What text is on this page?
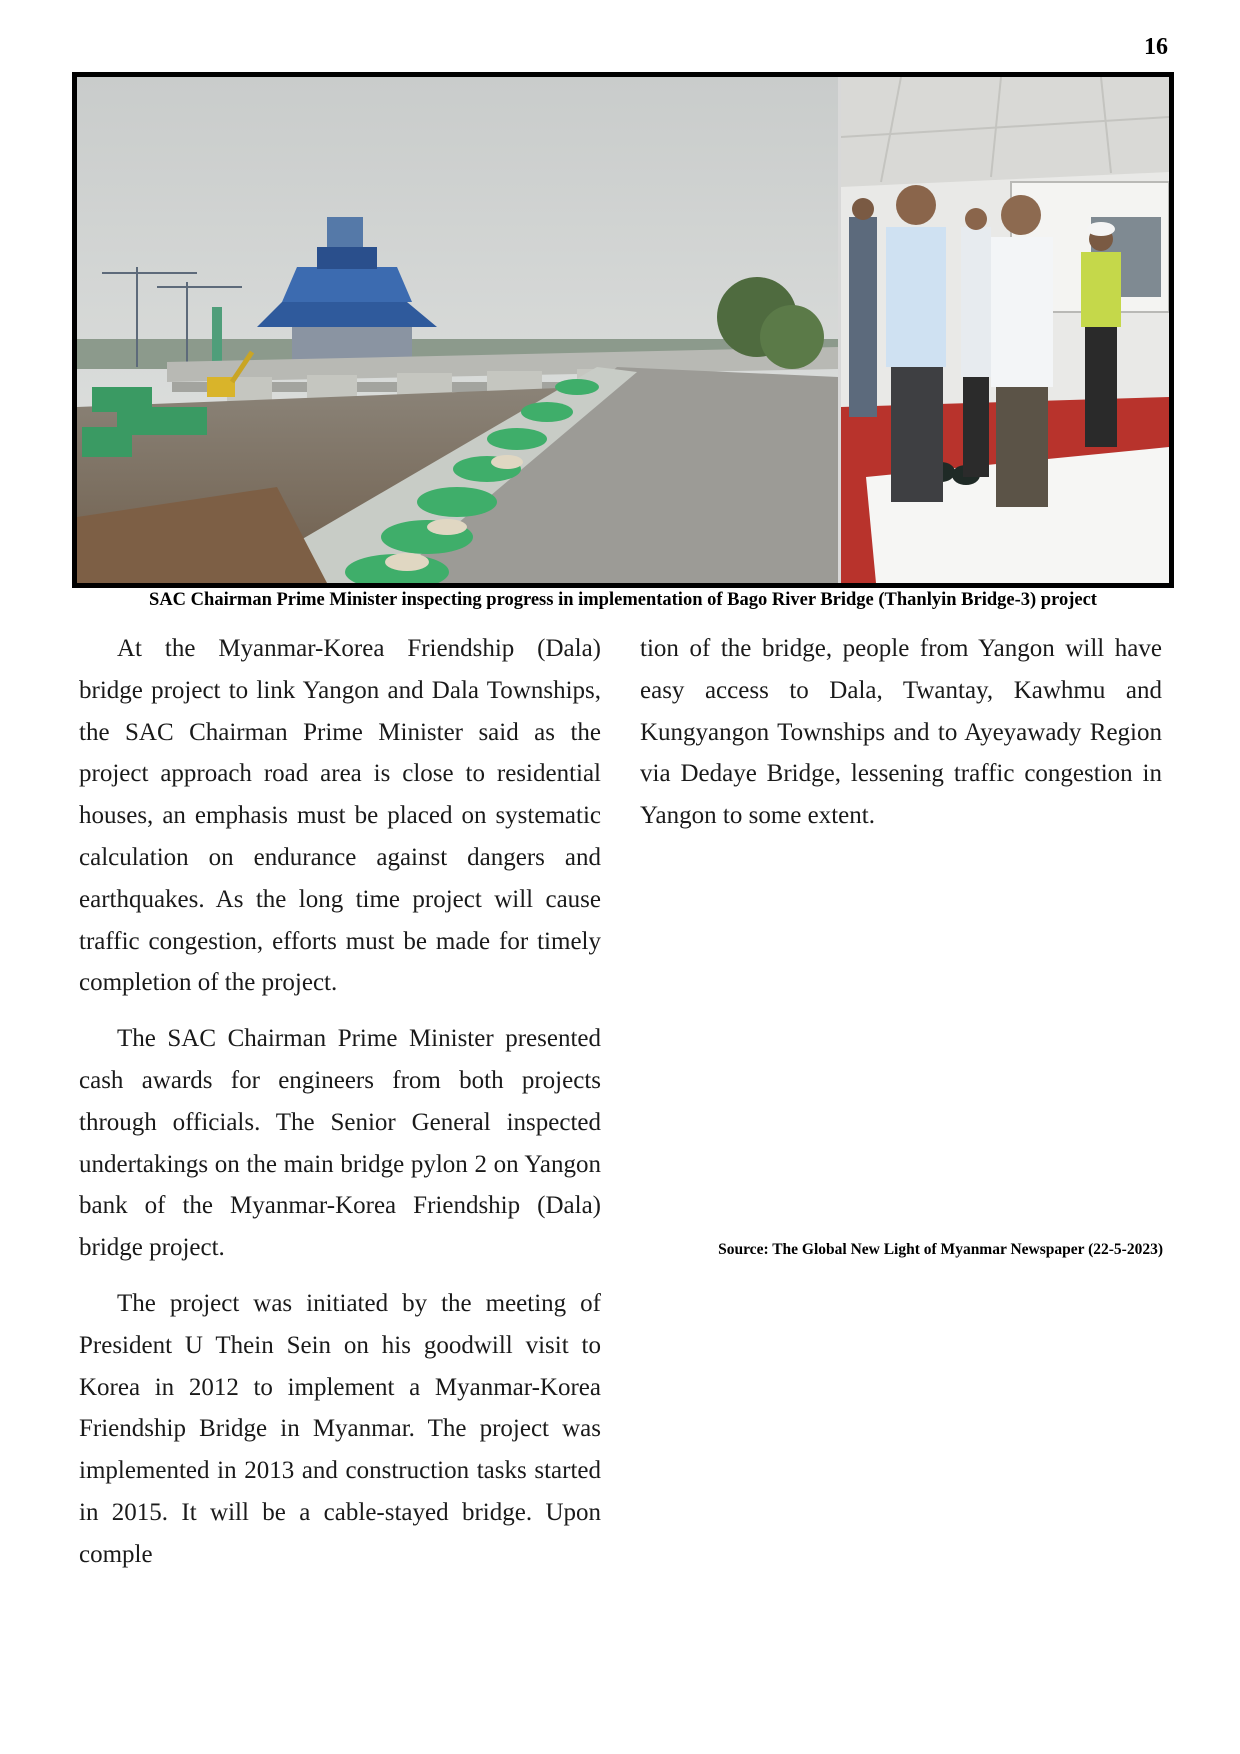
16
SAC Chairman Prime Minister inspecting progress in implementation of Bago River Bridge (Thanlyin Bridge-3) project

At the Myanmar-Korea Friendship (Dala) bridge project to link Yangon and Dala Townships, the SAC Chairman Prime Minister said as the project approach road area is close to residential houses, an emphasis must be placed on systematic calculation on endurance against dangers and earthquakes. As the long time project will cause traffic congestion, efforts must be made for timely completion of the project.

The SAC Chairman Prime Minister presented cash awards for engineers from both projects through officials. The Senior General inspected undertakings on the main bridge pylon 2 on Yangon bank of the Myanmar-Korea Friendship (Dala) bridge project.

The project was initiated by the meeting of President U Thein Sein on his goodwill visit to Korea in 2012 to implement a Myanmar-Korea Friendship Bridge in Myanmar. The project was implemented in 2013 and construction tasks started in 2015. It will be a cable-stayed bridge. Upon comple

tion of the bridge, people from Yangon will have easy access to Dala, Twantay, Kawhmu and Kungyangon Townships and to Ayeyawady Region via Dedaye Bridge, lessening traffic congestion in Yangon to some extent.

Source: The Global New Light of Myanmar Newspaper (22-5-2023)
